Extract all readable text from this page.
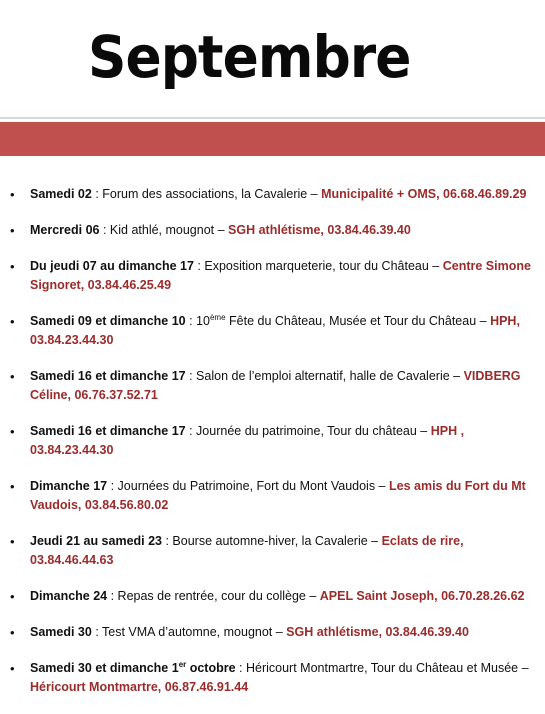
Septembre
• Samedi 02 : Forum des associations, la Cavalerie – Municipalité + OMS, 06.68.46.89.29
• Mercredi 06 : Kid athlé, mougnot – SGH athlétisme, 03.84.46.39.40
• Du jeudi 07 au dimanche 17 : Exposition marqueterie, tour du Château – Centre Simone Signoret, 03.84.46.25.49
• Samedi 09 et dimanche 10 : 10ème Fête du Château, Musée et Tour du Château – HPH, 03.84.23.44.30
• Samedi 16 et dimanche 17 : Salon de l’emploi alternatif, halle de Cavalerie – VIDBERG Céline, 06.76.37.52.71
• Samedi 16 et dimanche 17 : Journée du patrimoine, Tour du château – HPH , 03.84.23.44.30
• Dimanche 17 : Journées du Patrimoine, Fort du Mont Vaudois – Les amis du Fort du Mt Vaudois, 03.84.56.80.02
• Jeudi 21 au samedi 23 : Bourse automne-hiver, la Cavalerie – Eclats de rire, 03.84.46.44.63
• Dimanche 24 : Repas de rentrée, cour du collège – APEL Saint Joseph, 06.70.28.26.62
• Samedi 30 : Test VMA d’automne, mougnot – SGH athlétisme, 03.84.46.39.40
• Samedi 30 et dimanche 1er octobre : Héricourt Montmartre, Tour du Château et Musée – Héricourt Montmartre, 06.87.46.91.44
